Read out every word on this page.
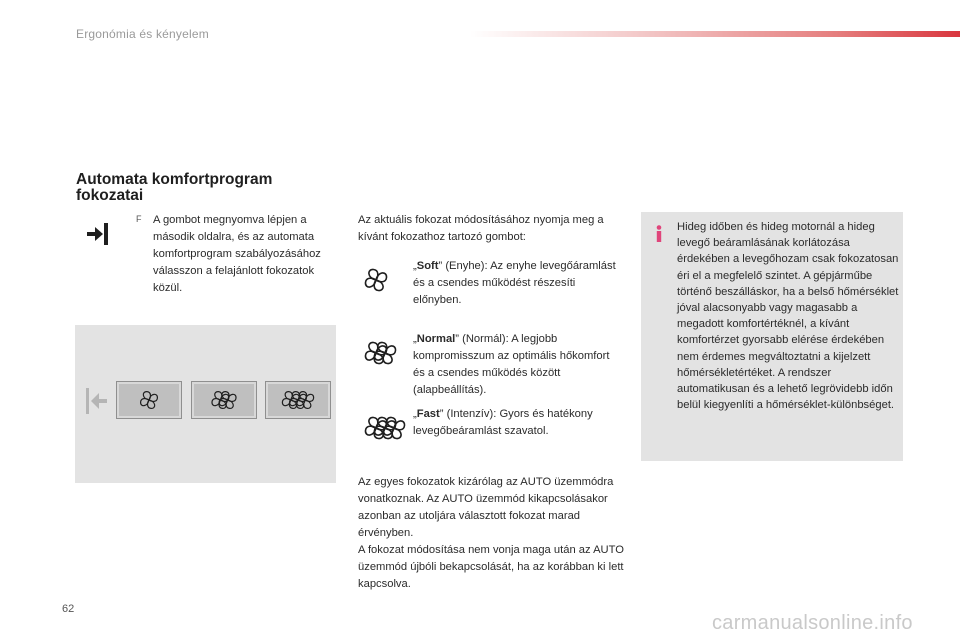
Ergonómia és kényelem
Automata komfortprogram fokozatai
F A gombot megnyomva lépjen a második oldalra, és az automata komfortprogram szabályozásához válasszon a felajánlott fokozatok közül.
Az aktuális fokozat módosításához nyomja meg a kívánt fokozathoz tartozó gombot:
„Soft” (Enyhe): Az enyhe levegőáramlást és a csendes működést részesíti előnyben.
„Normal” (Normál): A legjobb kompromisszum az optimális hőkomfort és a csendes működés között (alapbeállítás).
„Fast” (Intenzív): Gyors és hatékony levegőbeáramlást szavatol.
Az egyes fokozatok kizárólag az AUTO üzemmódra vonatkoznak. Az AUTO üzemmód kikapcsolásakor azonban az utoljára választott fokozat marad érvényben.
A fokozat módosítása nem vonja maga után az AUTO üzemmód újbóli bekapcsolását, ha az korábban ki lett kapcsolva.
Hideg időben és hideg motornál a hideg levegő beáramlásának korlátozása érdekében a levegőhozam csak fokozatosan éri el a megfelelő szintet. A gépjárműbe történő beszálláskor, ha a belső hőmérséklet jóval alacsonyabb vagy magasabb a megadott komfortértéknél, a kívánt komfortérzet gyorsabb elérése érdekében nem érdemes megváltoztatni a kijelzett hőmérsékletértéket. A rendszer automatikusan és a lehető legrövidebb időn belül kiegyenlíti a hőmérséklet-különbséget.
62
carmanualsonline.info
